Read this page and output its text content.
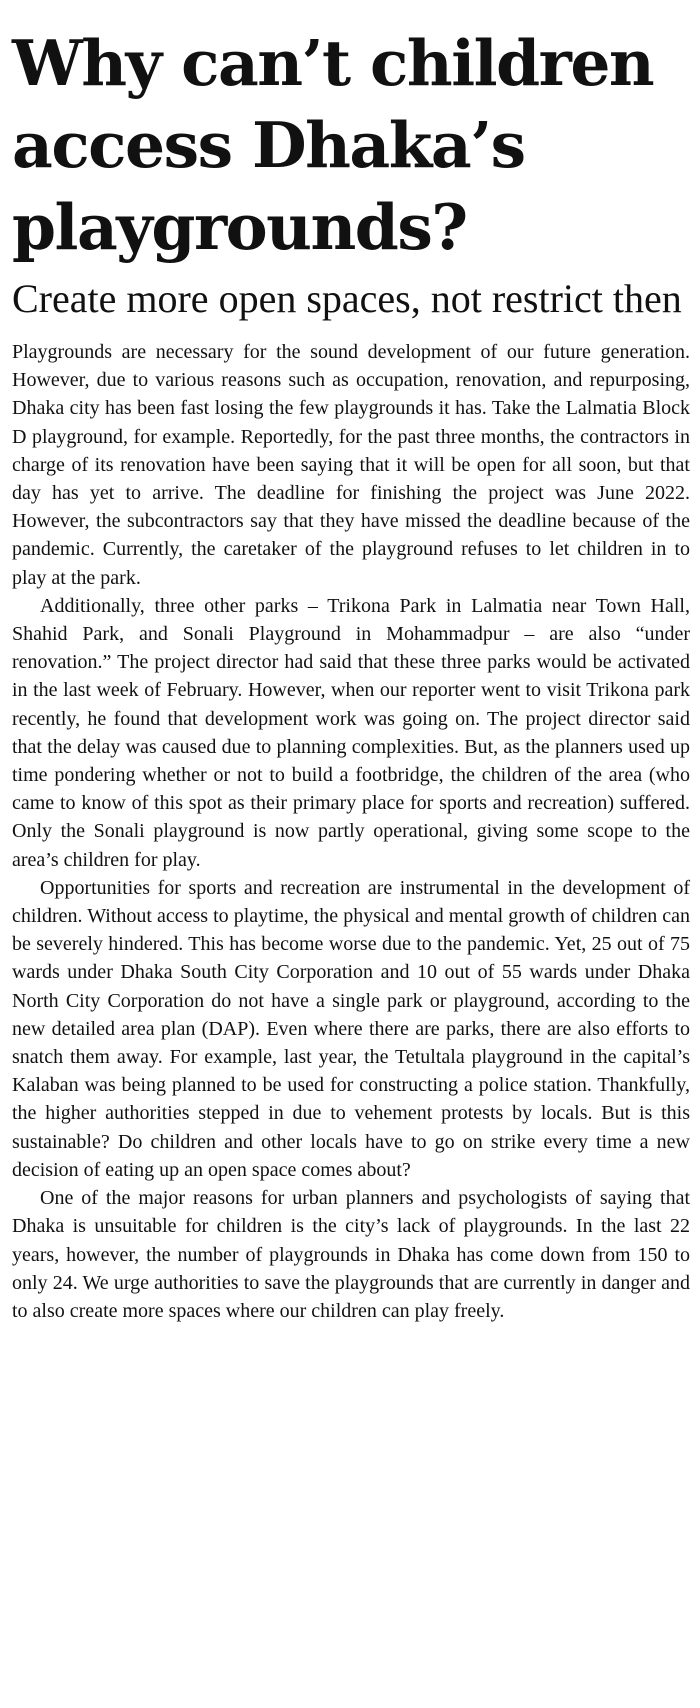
Why can’t children access Dhaka’s playgrounds?
Create more open spaces, not restrict then

Playgrounds are necessary for the sound development of our future generation. However, due to various reasons such as occupation, renovation, and repurposing, Dhaka city has been fast losing the few playgrounds it has. Take the Lalmatia Block D playground, for example. Reportedly, for the past three months, the contractors in charge of its renovation have been saying that it will be open for all soon, but that day has yet to arrive. The deadline for finishing the project was June 2022. However, the subcontractors say that they have missed the deadline because of the pandemic. Currently, the caretaker of the playground refuses to let children in to play at the park.

Additionally, three other parks – Trikona Park in Lalmatia near Town Hall, Shahid Park, and Sonali Playground in Mohammadpur – are also “under renovation.” The project director had said that these three parks would be activated in the last week of February. However, when our reporter went to visit Trikona park recently, he found that development work was going on. The project director said that the delay was caused due to planning complexities. But, as the planners used up time pondering whether or not to build a footbridge, the children of the area (who came to know of this spot as their primary place for sports and recreation) suffered. Only the Sonali playground is now partly operational, giving some scope to the area’s children for play.

Opportunities for sports and recreation are instrumental in the development of children. Without access to playtime, the physical and mental growth of children can be severely hindered. This has become worse due to the pandemic. Yet, 25 out of 75 wards under Dhaka South City Corporation and 10 out of 55 wards under Dhaka North City Corporation do not have a single park or playground, according to the new detailed area plan (DAP). Even where there are parks, there are also efforts to snatch them away. For example, last year, the Tetultala playground in the capital’s Kalaban was being planned to be used for constructing a police station. Thankfully, the higher authorities stepped in due to vehement protests by locals. But is this sustainable? Do children and other locals have to go on strike every time a new decision of eating up an open space comes about?

One of the major reasons for urban planners and psychologists of saying that Dhaka is unsuitable for children is the city’s lack of playgrounds. In the last 22 years, however, the number of playgrounds in Dhaka has come down from 150 to only 24. We urge authorities to save the playgrounds that are currently in danger and to also create more spaces where our children can play freely.
